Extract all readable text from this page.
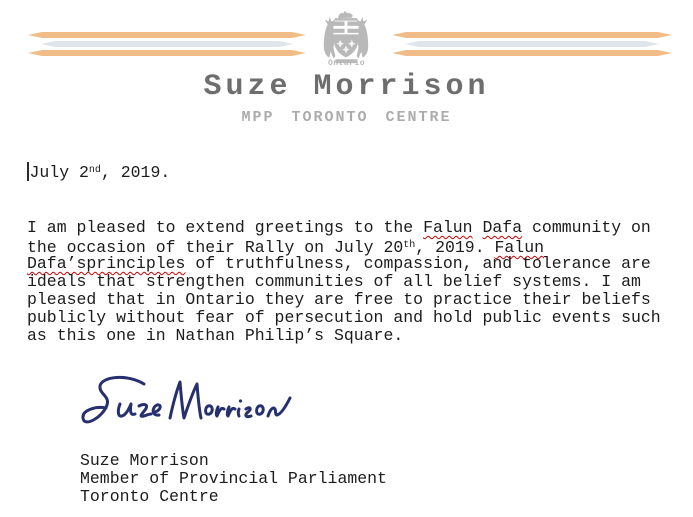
Ontario
Suze Morrison
MPP TORONTO CENTRE
July 2nd, 2019.
I am pleased to extend greetings to the Falun Dafa community on
the occasion of their Rally on July 20th, 2019. Falun
Dafa’sprinciples of truthfulness, compassion, and tolerance are
ideals that strengthen communities of all belief systems. I am
pleased that in Ontario they are free to practice their beliefs
publicly without fear of persecution and hold public events such
as this one in Nathan Philip’s Square.
Suze Morrison
Member of Provincial Parliament
Toronto Centre
